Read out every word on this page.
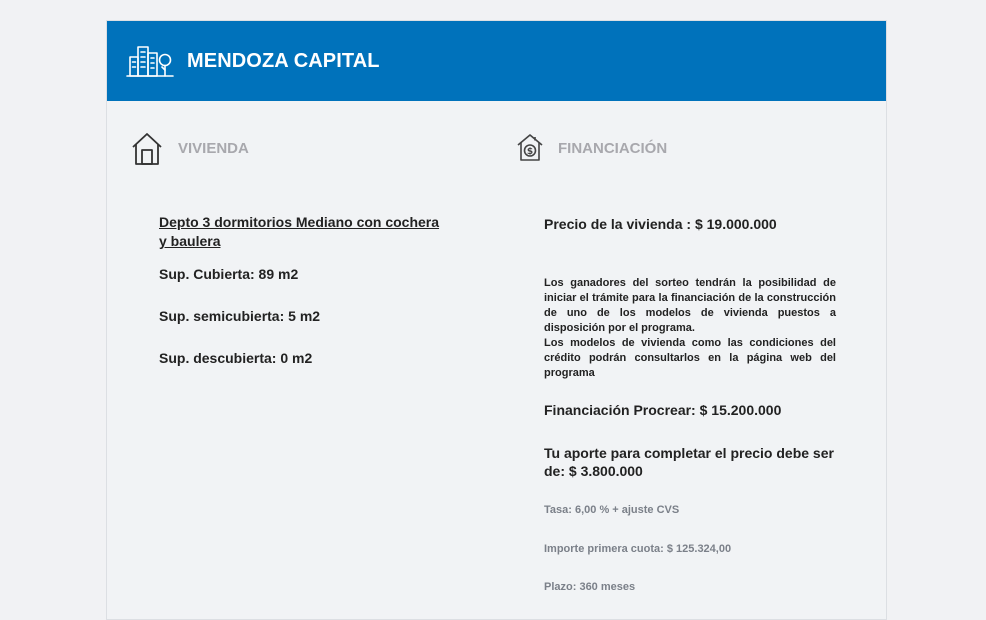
MENDOZA CAPITAL
VIVIENDA	$ FINANCIACIÓN
Depto 3 dormitorios Mediano con cochera y baulera
Sup. Cubierta: 89 m2
Sup. semicubierta: 5 m2
Sup. descubierta: 0 m2
Precio de la vivienda : $ 19.000.000

Los ganadores del sorteo tendrán la posibilidad de iniciar el trámite para la financiación de la construcción de uno de los modelos de vivienda puestos a disposición por el programa.

Los modelos de vivienda como las condiciones del crédito podrán consultarlos en la página web del programa

Financiación Procrear: $ 15.200.000
Tu aporte para completar el precio debe ser de: $ 3.800.000
Tasa: 6,00 % + ajuste CVS
Importe primera cuota: $ 125.324,00
Plazo: 360 meses
